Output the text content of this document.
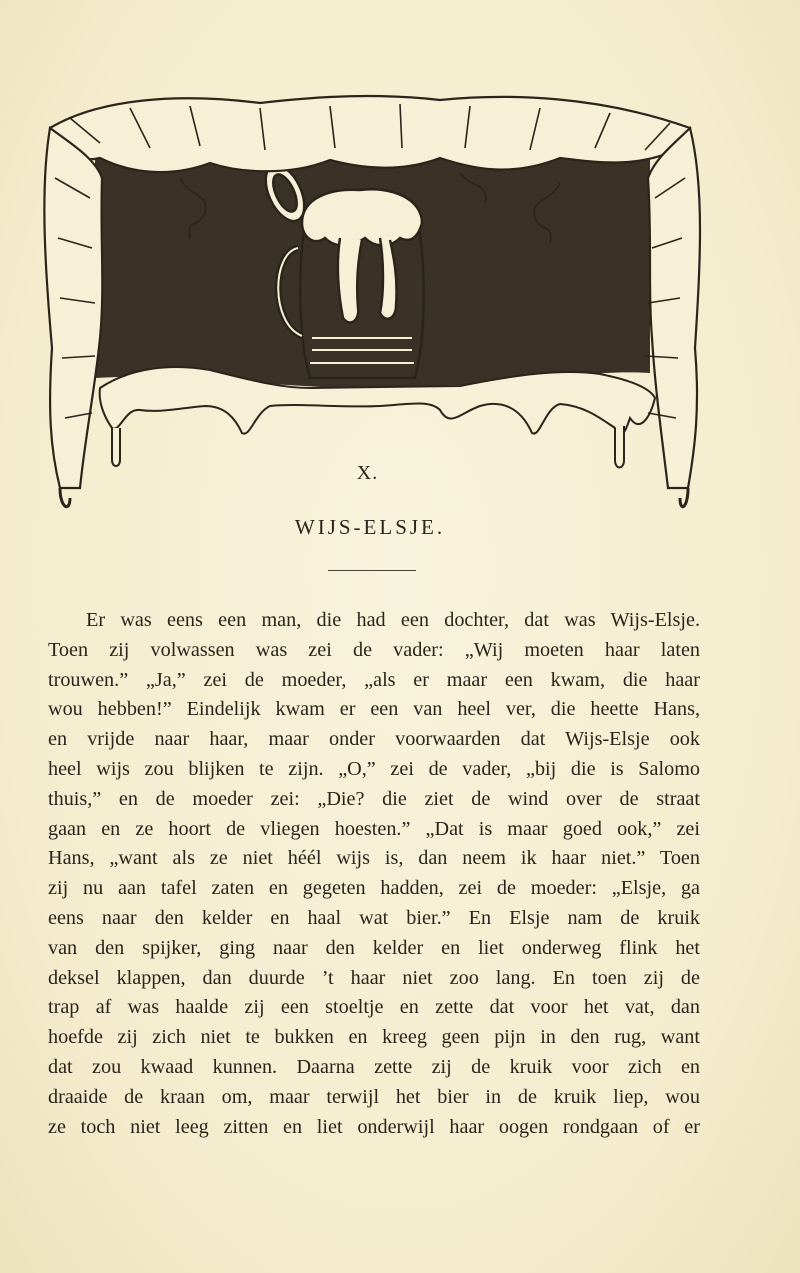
X.
WIJS-ELSJE.
Er was eens een man, die had een dochter, dat was Wijs-Elsje.
Toen zij volwassen was zei de vader: „Wij moeten haar laten
trouwen.” „Ja,” zei de moeder, „als er maar een kwam, die haar
wou hebben!” Eindelijk kwam er een van heel ver, die heette Hans,
en vrijde naar haar, maar onder voorwaarden dat Wijs-Elsje ook
heel wijs zou blijken te zijn. „O,” zei de vader, „bij die is Salomo
thuis,” en de moeder zei: „Die? die ziet de wind over de straat
gaan en ze hoort de vliegen hoesten.” „Dat is maar goed ook,” zei
Hans, „want als ze niet héél wijs is, dan neem ik haar niet.” Toen
zij nu aan tafel zaten en gegeten hadden, zei de moeder: „Elsje, ga
eens naar den kelder en haal wat bier.” En Elsje nam de kruik
van den spijker, ging naar den kelder en liet onderweg flink het
deksel klappen, dan duurde ’t haar niet zoo lang. En toen zij de
trap af was haalde zij een stoeltje en zette dat voor het vat, dan
hoefde zij zich niet te bukken en kreeg geen pijn in den rug, want
dat zou kwaad kunnen. Daarna zette zij de kruik voor zich en
draaide de kraan om, maar terwijl het bier in de kruik liep, wou
ze toch niet leeg zitten en liet onderwijl haar oogen rondgaan of er
